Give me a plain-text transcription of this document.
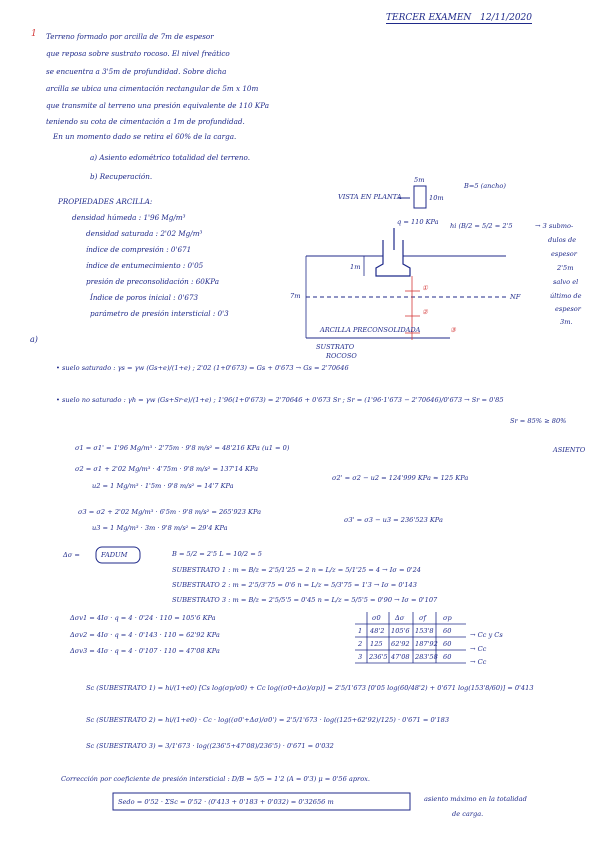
TERCER EXAMEN 12/11/2020
1 Terreno formado por arcilla de 7m de espesor
que reposa sobre sustrato rocoso. El nivel freático
se encuentra a 3'5m de profundidad. Sobre dicha
arcilla se ubica una cimentación rectangular de 5m x 10m
que transmite al terreno una presión equivalente de 110 KPa
teniendo su cota de cimentación a 1m de profundidad.
En un momento dado se retira el 60% de la carga.
a) Asiento edométrico totalidad del terreno.
b) Recuperación.
PROPIEDADES ARCILLA:
densidad húmeda : 1'96 Mg/m³
densidad saturada : 2'02 Mg/m³
índice de compresión : 0'671
índice de entumecimiento : 0'05
presión de preconsolidación : 60KPa
Índice de poros inicial : 0'673
parámetro de presión intersticial : 0'3
VISTA EN PLANTA
5m
10m
B=5 (ancho)
q = 110 KPa
1m
7m	NF
ARCILLA PRECONSOLIDADA
SUSTRATO
ROCOSO
①
②
③
hi (B/2 = 5/2 = 2'5	→ 3 submo-
dulos de
espesor
2'5m
salvo el
último de
espesor
3m.
a)
• suelo saturado : γs = γw (Gs+e)/(1+e) ; 2'02 (1+0'673) = Gs + 0'673 → Gs = 2'70646
• suelo no saturado : γh = γw (Gs+Sr·e)/(1+e) ; 1'96(1+0'673) = 2'70646 + 0'673 Sr ; Sr = (1'96·1'673 − 2'70646)/0'673 → Sr = 0'85
Sr = 85% ≥ 80%
ASIENTO
σ1 = σ1' = 1'96 Mg/m³ · 2'75m · 9'8 m/s² = 48'216 KPa (u1 = 0)
σ2 = σ1 + 2'02 Mg/m³ · 4'75m · 9'8 m/s² = 137'14 KPa
u2 = 1 Mg/m³ · 1'5m · 9'8 m/s² = 14'7 KPa
σ2' = σ2 − u2 = 124'999 KPa ≈ 125 KPa
σ3 = σ2 + 2'02 Mg/m³ · 6'5m · 9'8 m/s² = 265'923 KPa
u3 = 1 Mg/m³ · 3m · 9'8 m/s² = 29'4 KPa
σ3' = σ3 − u3 = 236'523 KPa
Δσ =	FADUM	B = 5/2 = 2'5 L = 10/2 = 5
SUBESTRATO 1 : m = B/z = 2'5/1'25 = 2 n = L/z = 5/1'25 = 4 → Iσ = 0'24
SUBESTRATO 2 : m = 2'5/3'75 = 0'6 n = L/z = 5/3'75 = 1'3 → Iσ = 0'143
SUBESTRATO 3 : m = B/z = 2'5/5'5 = 0'45 n = L/z = 5/5'5 = 0'90 → Iσ = 0'107
Δσv1 = 4Iσ · q = 4 · 0'24 · 110 = 105'6 KPa
Δσv2 = 4Iσ · q = 4 · 0'143 · 110 = 62'92 KPa
Δσv3 = 4Iσ · q = 4 · 0'107 · 110 = 47'08 KPa
σ0 Δσ σf	σp
1 48'2 105'6 153'8 60
2 125 62'92 187'92 60
3 236'5 47'08 283'58 60
→ Cc y Cs
→ Cc
→ Cc
Sc (SUBESTRATO 1) = hi/(1+e0) [Cs log(σp/σ0) + Cc log((σ0+Δσ)/σp)] = 2'5/1'673 [0'05 log(60/48'2) + 0'671 log(153'8/60)] = 0'413
Sc (SUBESTRATO 2) = hi/(1+e0) · Cc · log((σ0'+Δσ)/σ0') = 2'5/1'673 · log((125+62'92)/125) · 0'671 = 0'183
Sc (SUBESTRATO 3) = 3/1'673 · log((236'5+47'08)/236'5) · 0'671 = 0'032
Corrección por coeficiente de presión intersticial : D/B = 5/5 = 1'2 (A = 0'3) μ = 0'56 aprox.
Sedo = 0'52 · ΣSc = 0'52 · (0'413 + 0'183 + 0'032) = 0'32656 m	asiento máximo en la totalidad
de carga.
